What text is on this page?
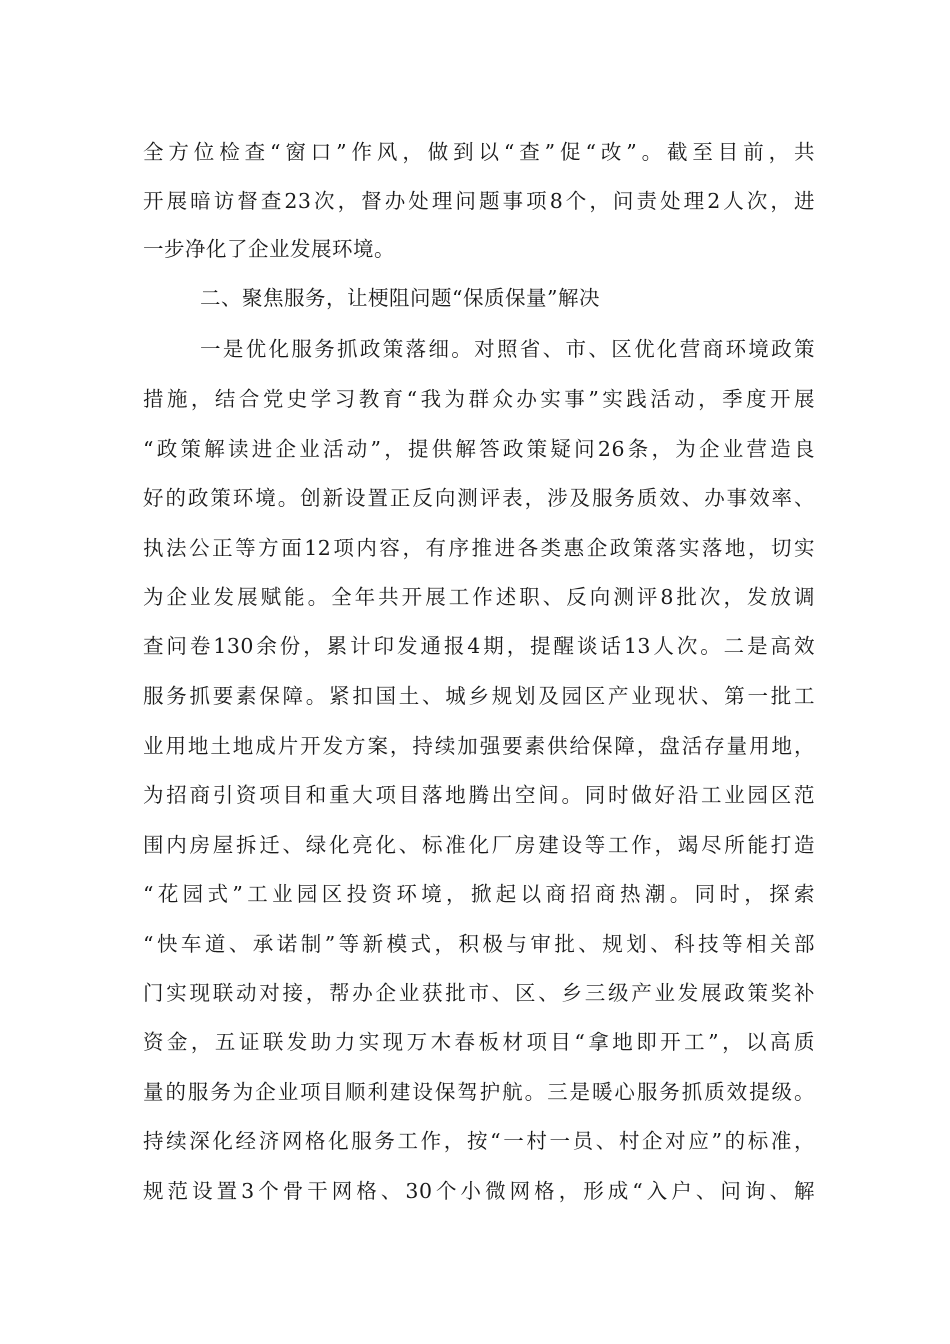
全方位检查“窗口”作风，做到以“查”促“改”。截至目前，共
开展暗访督查23次，督办处理问题事项8个，问责处理2人次，进
一步净化了企业发展环境。
二、聚焦服务，让梗阻问题“保质保量”解决
一是优化服务抓政策落细。对照省、市、区优化营商环境政策
措施，结合党史学习教育“我为群众办实事”实践活动，季度开展
“政策解读进企业活动”，提供解答政策疑问26条，为企业营造良
好的政策环境。创新设置正反向测评表，涉及服务质效、办事效率、
执法公正等方面12项内容，有序推进各类惠企政策落实落地，切实
为企业发展赋能。全年共开展工作述职、反向测评8批次，发放调
查问卷130余份，累计印发通报4期，提醒谈话13人次。二是高效
服务抓要素保障。紧扣国土、城乡规划及园区产业现状、第一批工
业用地土地成片开发方案，持续加强要素供给保障，盘活存量用地，
为招商引资项目和重大项目落地腾出空间。同时做好沿工业园区范
围内房屋拆迁、绿化亮化、标准化厂房建设等工作，竭尽所能打造
“花园式”工业园区投资环境，掀起以商招商热潮。同时，探索
“快车道、承诺制”等新模式，积极与审批、规划、科技等相关部
门实现联动对接，帮办企业获批市、区、乡三级产业发展政策奖补
资金，五证联发助力实现万木春板材项目“拿地即开工”，以高质
量的服务为企业项目顺利建设保驾护航。三是暖心服务抓质效提级。
持续深化经济网格化服务工作，按“一村一员、村企对应”的标准，
规范设置3个骨干网格、30个小微网格，形成“入户、问询、解
